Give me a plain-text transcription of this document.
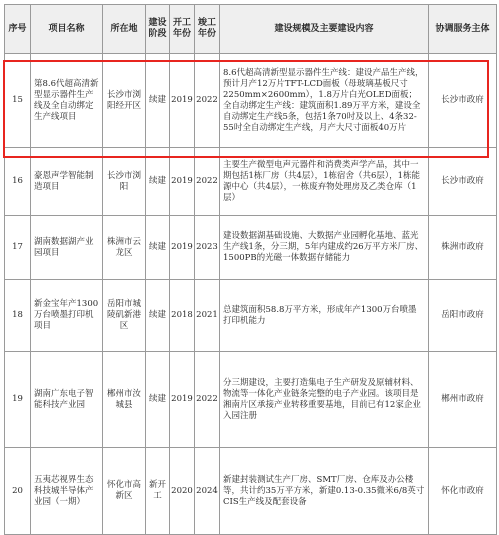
序号	项目名称	所在地	建设阶段	开工年份	竣工年份	建设规模及主要建设内容	协调服务主体
15	第8.6代超高清新型显示器件生产线及全自动绑定生产线项目	长沙市浏阳经开区	续建	2019	2022	8.6代超高清新型显示器件生产线：建设产品生产线，预计月产12万片TFT-LCD面板（母玻璃基板尺寸2250mm×2600mm），1.8万片白光OLED面板；全自动绑定生产线：建筑面积1.89万平方米，建设全自动绑定生产线5条，包括1条70吋及以上、4条32-55吋全自动绑定生产线，月产大尺寸面板40万片	长沙市政府
16	豪恩声学智能制造项目	长沙市浏阳	续建	2019	2022	主要生产微型电声元器件和消费类声学产品，其中一期包括1栋厂房（共4层），1栋宿舍（共6层），1栋能源中心（共4层），一栋废弃物处理房及乙类仓库（1层）	长沙市政府
17	湖南数据湖产业园项目	株洲市云龙区	续建	2019	2023	建设数据湖基础设施、大数据产业园孵化基地、蓝光生产线1条，分三期，5年内建成约26万平方米厂房、1500PB的光磁一体数据存储能力	株洲市政府
18	新金宝年产1300万台喷墨打印机项目	岳阳市城陵矶新港区	续建	2018	2021	总建筑面积58.8万平方米，形成年产1300万台喷墨打印机能力	岳阳市政府
19	湖南广东电子智能科技产业园	郴州市汝城县	续建	2019	2022	分三期建设，主要打造集电子生产研发及原辅材料、物流等一体化产业链条完整的电子产业园。该项目是湘南片区承接产业转移重要基地，目前已有12家企业入园注册	郴州市政府
20	五夷芯视界生态科技城半导体产业园（一期）	怀化市高新区	新开工	2020	2024	新建封装测试生产厂房、SMT厂房、仓库及办公楼等，共计约35万平方米，新建0.13-0.35微米6/8英寸CIS生产线及配套设备	怀化市政府
